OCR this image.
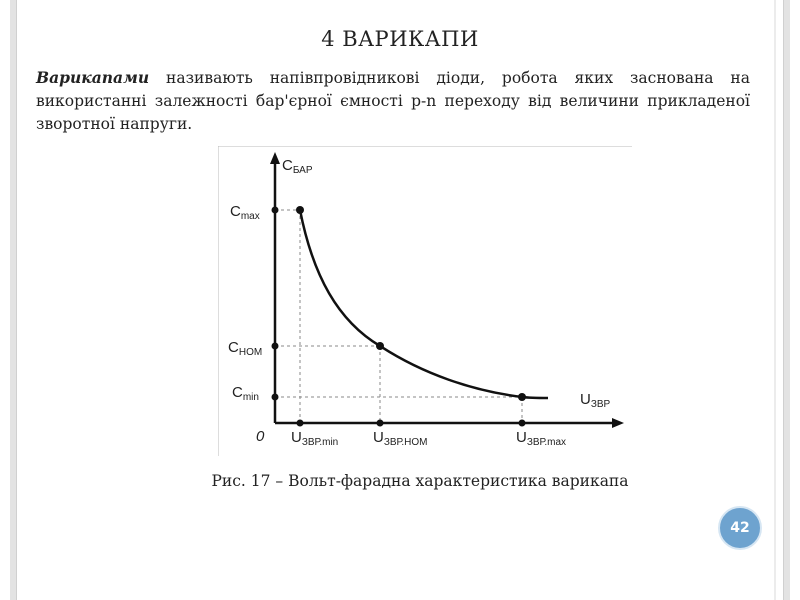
4 ВАРИКАПИ
Варикапами називають напівпровідникові діоди, робота яких заснована на використанні залежності бар'єрної ємності p-n переходу від величини прикладеної зворотної напруги.
$C_{БАР}$
$U_{ЗВР}$
0
$C_{max}$
$C_{НОМ}$
$C_{min}$
$U_{ЗВР.min}$ $U_{ЗВР.НОМ}$	$U_{ЗВР.max}$
Рис. 17 – Вольт-фарадна характеристика варикапа
42
